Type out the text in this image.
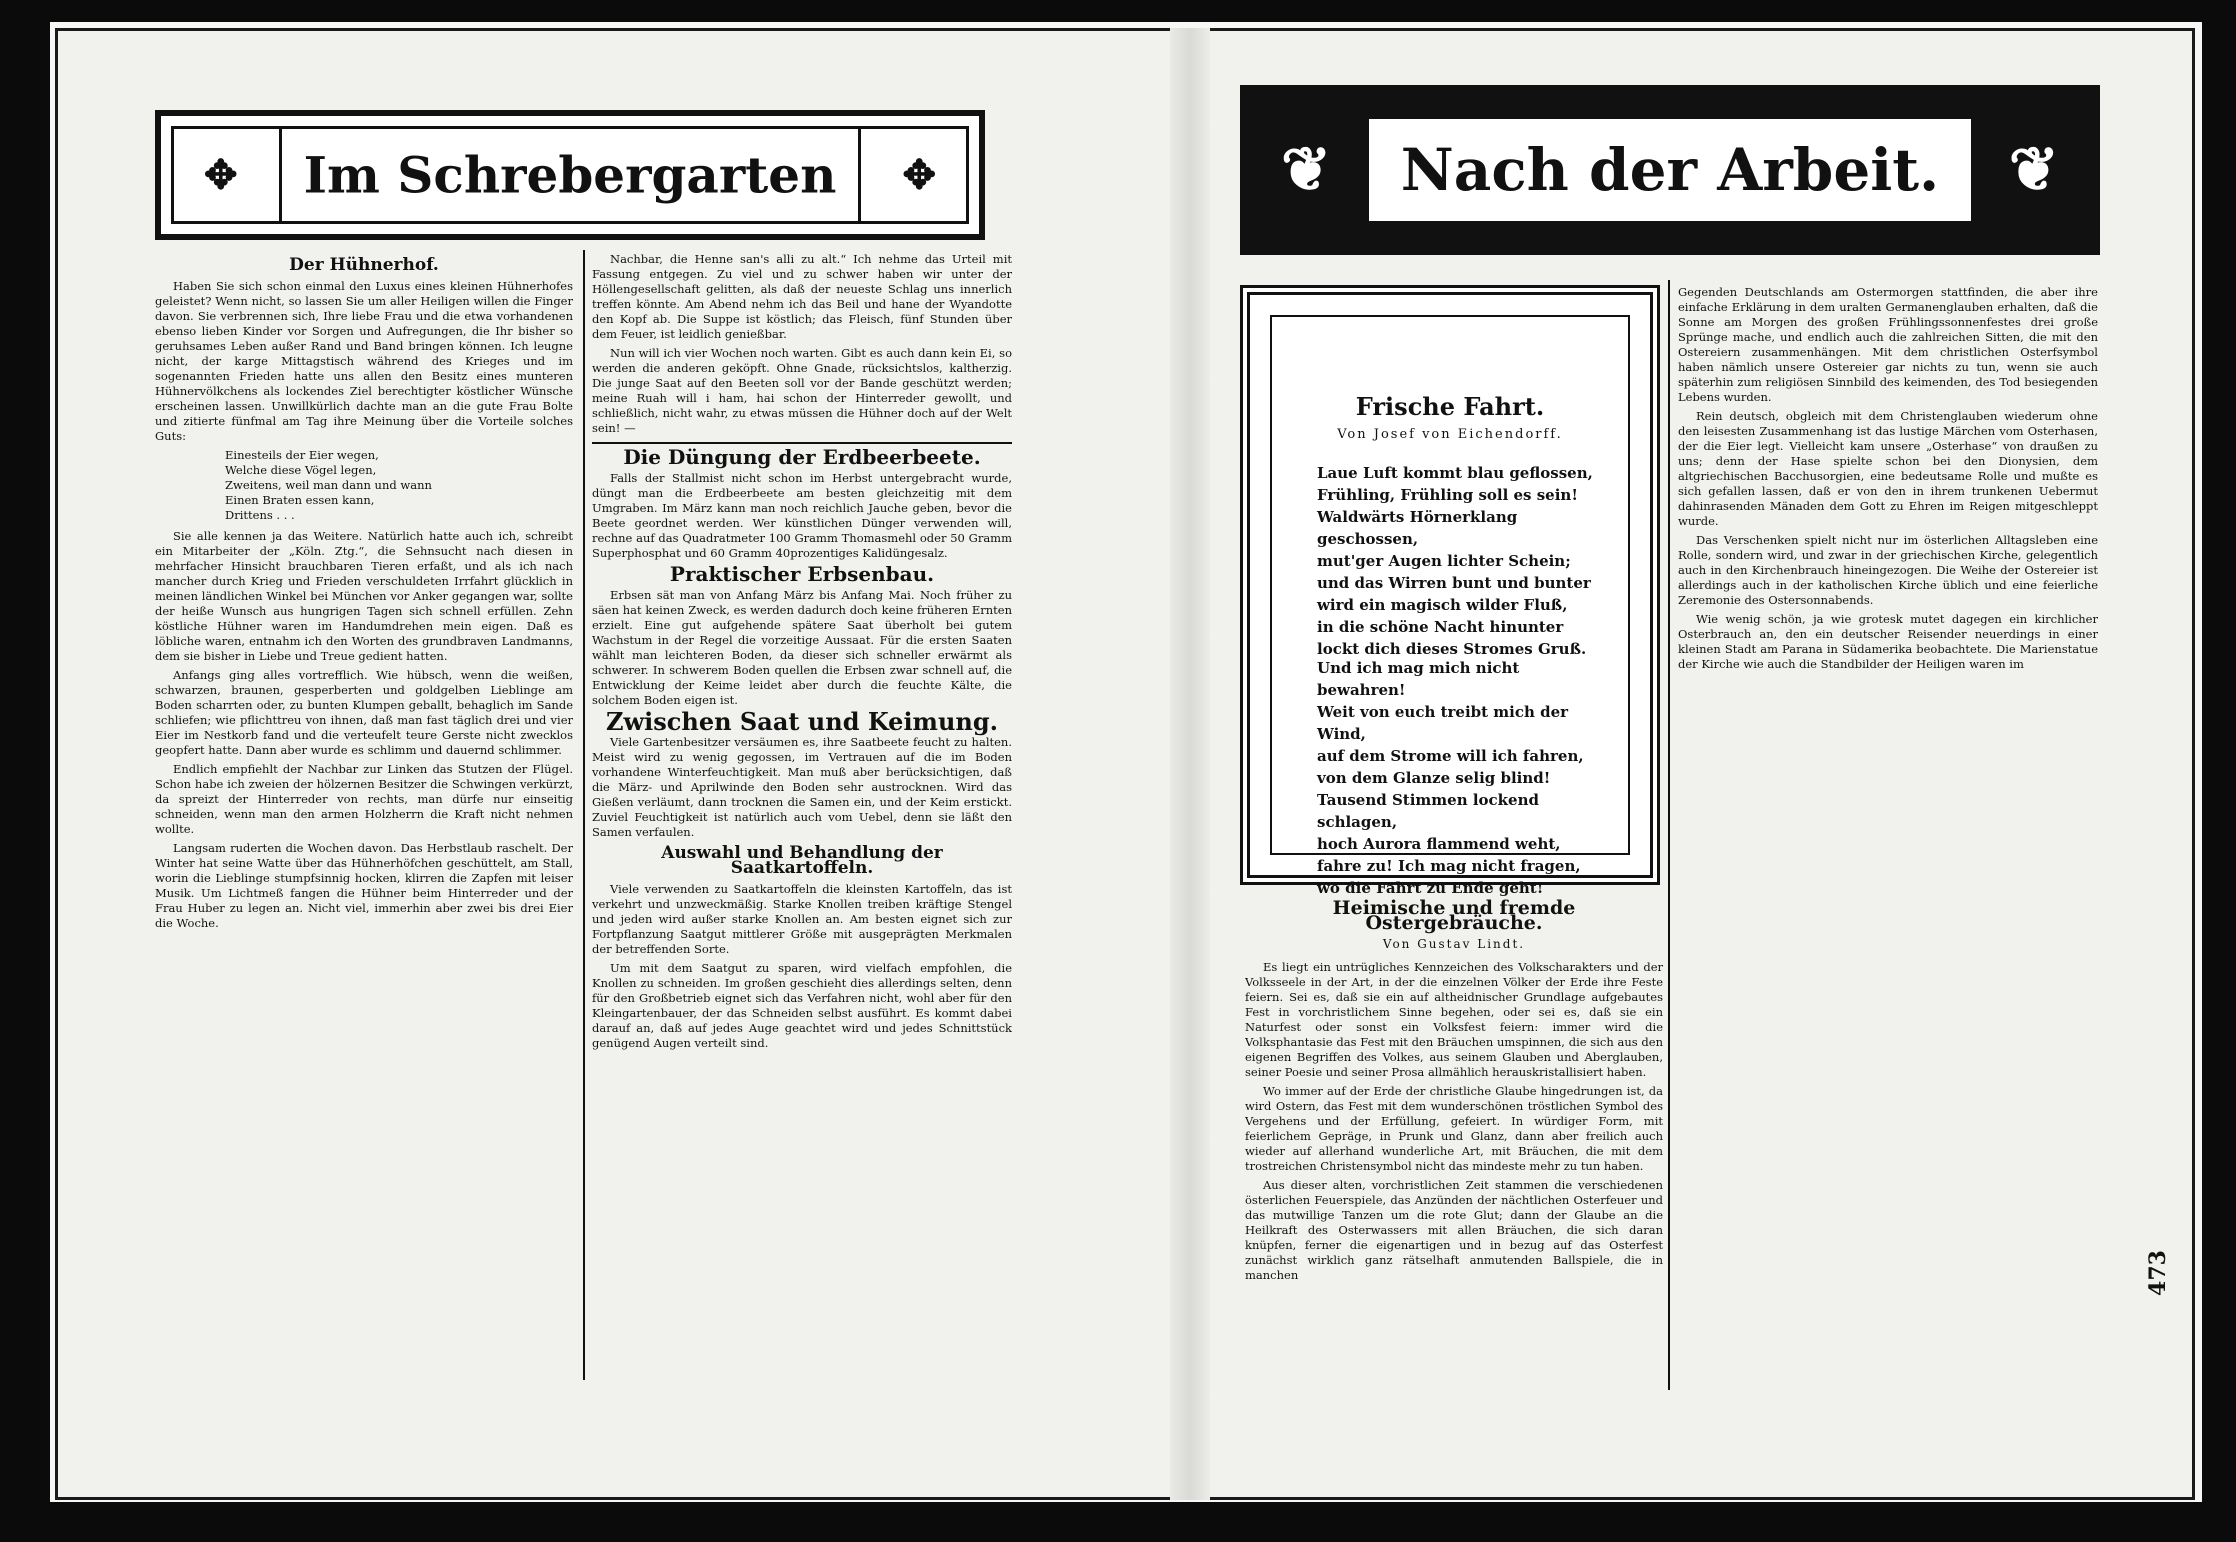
✥	Im Schrebergarten	✥
Der Hühnerhof.

Haben Sie sich schon einmal den Luxus eines kleinen Hühnerhofes geleistet? Wenn nicht, so lassen Sie um aller Heiligen willen die Finger davon. Sie verbrennen sich, Ihre liebe Frau und die etwa vorhandenen ebenso lieben Kinder vor Sorgen und Aufregungen, die Ihr bisher so geruhsames Leben außer Rand und Band bringen können. Ich leugne nicht, der karge Mittagstisch während des Krieges und im sogenannten Frieden hatte uns allen den Besitz eines munteren Hühnervölkchens als lockendes Ziel berechtigter köstlicher Wünsche erscheinen lassen. Unwillkürlich dachte man an die gute Frau Bolte und zitierte fünfmal am Tag ihre Meinung über die Vorteile solches Guts:

Einesteils der Eier wegen,
Welche diese Vögel legen,
Zweitens, weil man dann und wann
Einen Braten essen kann,
Drittens . . .

Sie alle kennen ja das Weitere. Natürlich hatte auch ich, schreibt ein Mitarbeiter der „Köln. Ztg.“, die Sehnsucht nach diesen in mehrfacher Hinsicht brauchbaren Tieren erfaßt, und als ich nach mancher durch Krieg und Frieden verschuldeten Irrfahrt glücklich in meinen ländlichen Winkel bei München vor Anker gegangen war, sollte der heiße Wunsch aus hungrigen Tagen sich schnell erfüllen. Zehn köstliche Hühner waren im Handumdrehen mein eigen. Daß es löbliche waren, entnahm ich den Worten des grundbraven Landmanns, dem sie bisher in Liebe und Treue gedient hatten.

Anfangs ging alles vortrefflich. Wie hübsch, wenn die weißen, schwarzen, braunen, gesperberten und goldgelben Lieblinge am Boden scharrten oder, zu bunten Klumpen geballt, behaglich im Sande schliefen; wie pflichttreu von ihnen, daß man fast täglich drei und vier Eier im Nestkorb fand und die verteufelt teure Gerste nicht zwecklos geopfert hatte. Dann aber wurde es schlimm und dauernd schlimmer.

Endlich empfiehlt der Nachbar zur Linken das Stutzen der Flügel. Schon habe ich zweien der hölzernen Besitzer die Schwingen verkürzt, da spreizt der Hinterreder von rechts, man dürfe nur einseitig schneiden, wenn man den armen Holzherrn die Kraft nicht nehmen wollte.

Langsam ruderten die Wochen davon. Das Herbstlaub raschelt. Der Winter hat seine Watte über das Hühnerhöfchen geschüttelt, am Stall, worin die Lieblinge stumpfsinnig hocken, klirren die Zapfen mit leiser Musik. Um Lichtmeß fangen die Hühner beim Hinterreder und der Frau Huber zu legen an. Nicht viel, immerhin aber zwei bis drei Eier die Woche.

Nachbar, die Henne san's alli zu alt.“ Ich nehme das Urteil mit Fassung entgegen. Zu viel und zu schwer haben wir unter der Höllengesellschaft gelitten, als daß der neueste Schlag uns innerlich treffen könnte. Am Abend nehm ich das Beil und hane der Wyandotte den Kopf ab. Die Suppe ist köstlich; das Fleisch, fünf Stunden über dem Feuer, ist leidlich genießbar.

Nun will ich vier Wochen noch warten. Gibt es auch dann kein Ei, so werden die anderen geköpft. Ohne Gnade, rücksichtslos, kaltherzig. Die junge Saat auf den Beeten soll vor der Bande geschützt werden; meine Ruah will i ham, hai schon der Hinterreder gewollt, und schließlich, nicht wahr, zu etwas müssen die Hühner doch auf der Welt sein! —

Die Düngung der Erdbeerbeete.

Falls der Stallmist nicht schon im Herbst untergebracht wurde, düngt man die Erdbeerbeete am besten gleichzeitig mit dem Umgraben. Im März kann man noch reichlich Jauche geben, bevor die Beete geordnet werden. Wer künstlichen Dünger verwenden will, rechne auf das Quadratmeter 100 Gramm Thomasmehl oder 50 Gramm Superphosphat und 60 Gramm 40prozentiges Kalidüngesalz.

Praktischer Erbsenbau.

Erbsen sät man von Anfang März bis Anfang Mai. Noch früher zu säen hat keinen Zweck, es werden dadurch doch keine früheren Ernten erzielt. Eine gut aufgehende spätere Saat überholt bei gutem Wachstum in der Regel die vorzeitige Aussaat. Für die ersten Saaten wählt man leichteren Boden, da dieser sich schneller erwärmt als schwerer. In schwerem Boden quellen die Erbsen zwar schnell auf, die Entwicklung der Keime leidet aber durch die feuchte Kälte, die solchem Boden eigen ist.

Zwischen Saat und Keimung.

Viele Gartenbesitzer versäumen es, ihre Saatbeete feucht zu halten. Meist wird zu wenig gegossen, im Vertrauen auf die im Boden vorhandene Winterfeuchtigkeit. Man muß aber berücksichtigen, daß die März- und Aprilwinde den Boden sehr austrocknen. Wird das Gießen verläumt, dann trocknen die Samen ein, und der Keim erstickt. Zuviel Feuchtigkeit ist natürlich auch vom Uebel, denn sie läßt den Samen verfaulen.

Auswahl und Behandlung der Saatkartoffeln.

Viele verwenden zu Saatkartoffeln die kleinsten Kartoffeln, das ist verkehrt und unzweckmäßig. Starke Knollen treiben kräftige Stengel und jeden wird außer starke Knollen an. Am besten eignet sich zur Fortpflanzung Saatgut mittlerer Größe mit ausgeprägten Merkmalen der betreffenden Sorte.

Um mit dem Saatgut zu sparen, wird vielfach empfohlen, die Knollen zu schneiden. Im großen geschieht dies allerdings selten, denn für den Großbetrieb eignet sich das Verfahren nicht, wohl aber für den Kleingartenbauer, der das Schneiden selbst ausführt. Es kommt dabei darauf an, daß auf jedes Auge geachtet wird und jedes Schnittstück genügend Augen verteilt sind.

Nach der Arbeit.
❦	❦
Frische Fahrt.
Von Josef von Eichendorff.
Laue Luft kommt blau geflossen,
Frühling, Frühling soll es sein!
Waldwärts Hörnerklang geschossen,
mut'ger Augen lichter Schein;
und das Wirren bunt und bunter
wird ein magisch wilder Fluß,
in die schöne Nacht hinunter
lockt dich dieses Stromes Gruß.
Und ich mag mich nicht bewahren!
Weit von euch treibt mich der Wind,
auf dem Strome will ich fahren,
von dem Glanze selig blind!
Tausend Stimmen lockend schlagen,
hoch Aurora flammend weht,
fahre zu! Ich mag nicht fragen,
wo die Fahrt zu Ende geht!
Heimische und fremde Ostergebräuche.
Von Gustav Lindt.

Es liegt ein untrügliches Kennzeichen des Volkscharakters und der Volksseele in der Art, in der die einzelnen Völker der Erde ihre Feste feiern. Sei es, daß sie ein auf altheidnischer Grundlage aufgebautes Fest in vorchristlichem Sinne begehen, oder sei es, daß sie ein Naturfest oder sonst ein Volksfest feiern: immer wird die Volksphantasie das Fest mit den Bräuchen umspinnen, die sich aus den eigenen Begriffen des Volkes, aus seinem Glauben und Aberglauben, seiner Poesie und seiner Prosa allmählich herauskristallisiert haben.

Wo immer auf der Erde der christliche Glaube hingedrungen ist, da wird Ostern, das Fest mit dem wunderschönen tröstlichen Symbol des Vergehens und der Erfüllung, gefeiert. In würdiger Form, mit feierlichem Gepräge, in Prunk und Glanz, dann aber freilich auch wieder auf allerhand wunderliche Art, mit Bräuchen, die mit dem trostreichen Christensymbol nicht das mindeste mehr zu tun haben.

Aus dieser alten, vorchristlichen Zeit stammen die verschiedenen österlichen Feuerspiele, das Anzünden der nächtlichen Osterfeuer und das mutwillige Tanzen um die rote Glut; dann der Glaube an die Heilkraft des Osterwassers mit allen Bräuchen, die sich daran knüpfen, ferner die eigenartigen und in bezug auf das Osterfest zunächst wirklich ganz rätselhaft anmutenden Ballspiele, die in manchen

Gegenden Deutschlands am Ostermorgen stattfinden, die aber ihre einfache Erklärung in dem uralten Germanenglauben erhalten, daß die Sonne am Morgen des großen Frühlingssonnenfestes drei große Sprünge mache, und endlich auch die zahlreichen Sitten, die mit den Ostereiern zusammenhängen. Mit dem christlichen Osterfsymbol haben nämlich unsere Ostereier gar nichts zu tun, wenn sie auch späterhin zum religiösen Sinnbild des keimenden, des Tod besiegenden Lebens wurden.

Rein deutsch, obgleich mit dem Christenglauben wiederum ohne den leisesten Zusammenhang ist das lustige Märchen vom Osterhasen, der die Eier legt. Vielleicht kam unsere „Osterhase“ von draußen zu uns; denn der Hase spielte schon bei den Dionysien, dem altgriechischen Bacchusorgien, eine bedeutsame Rolle und mußte es sich gefallen lassen, daß er von den in ihrem trunkenen Uebermut dahinrasenden Mänaden dem Gott zu Ehren im Reigen mitgeschleppt wurde.

Das Verschenken spielt nicht nur im österlichen Alltagsleben eine Rolle, sondern wird, und zwar in der griechischen Kirche, gelegentlich auch in den Kirchenbrauch hineingezogen. Die Weihe der Ostereier ist allerdings auch in der katholischen Kirche üblich und eine feierliche Zeremonie des Ostersonnabends.

Wie wenig schön, ja wie grotesk mutet dagegen ein kirchlicher Osterbrauch an, den ein deutscher Reisender neuerdings in einer kleinen Stadt am Parana in Südamerika beobachtete. Die Marienstatue der Kirche wie auch die Standbilder der Heiligen waren im

473
